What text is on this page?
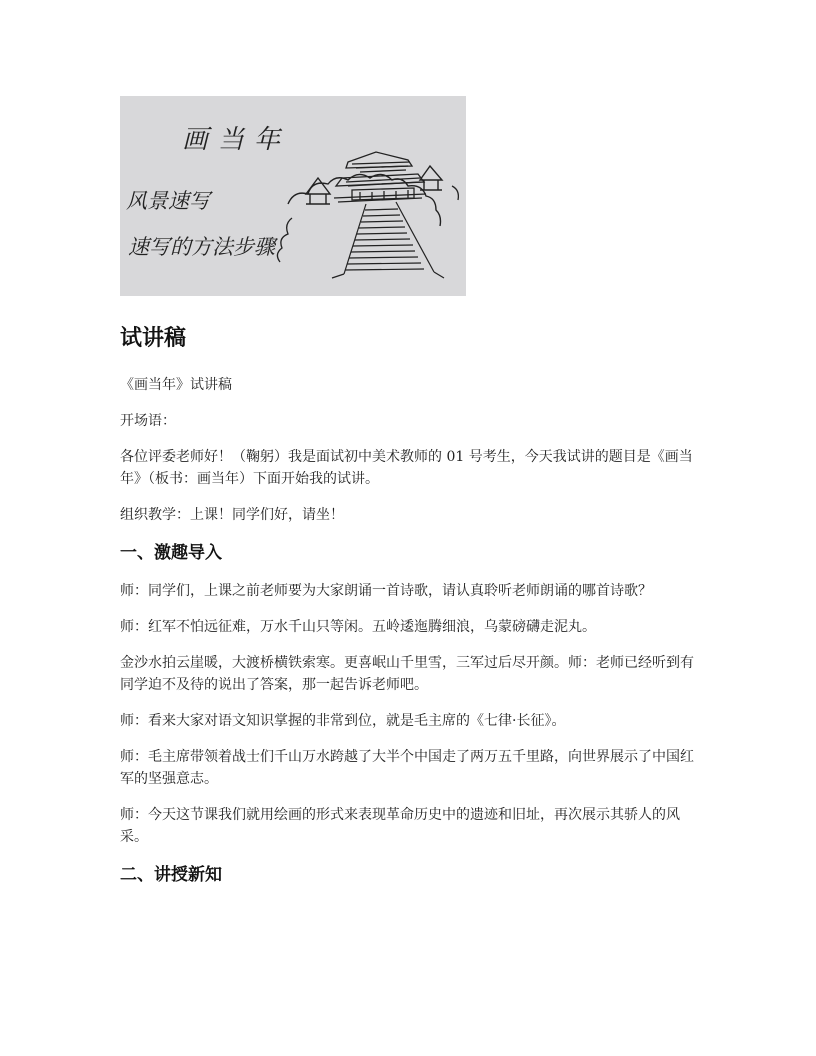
画当年
风景速写
速写的方法步骤
试讲稿

《画当年》试讲稿

开场语：

各位评委老师好！（鞠躬）我是面试初中美术教师的 01 号考生，今天我试讲的题目是《画当年》（板书：画当年）下面开始我的试讲。

组织教学：上课！同学们好，请坐！

一、激趣导入

师：同学们，上课之前老师要为大家朗诵一首诗歌，请认真聆听老师朗诵的哪首诗歌？

师：红军不怕远征难，万水千山只等闲。五岭逶迤腾细浪，乌蒙磅礴走泥丸。

金沙水拍云崖暖，大渡桥横铁索寒。更喜岷山千里雪，三军过后尽开颜。师：老师已经听到有同学迫不及待的说出了答案，那一起告诉老师吧。

师：看来大家对语文知识掌握的非常到位，就是毛主席的《七律·长征》。

师：毛主席带领着战士们千山万水跨越了大半个中国走了两万五千里路，向世界展示了中国红军的坚强意志。

师：今天这节课我们就用绘画的形式来表现革命历史中的遗迹和旧址，再次展示其骄人的风采。

二、讲授新知
